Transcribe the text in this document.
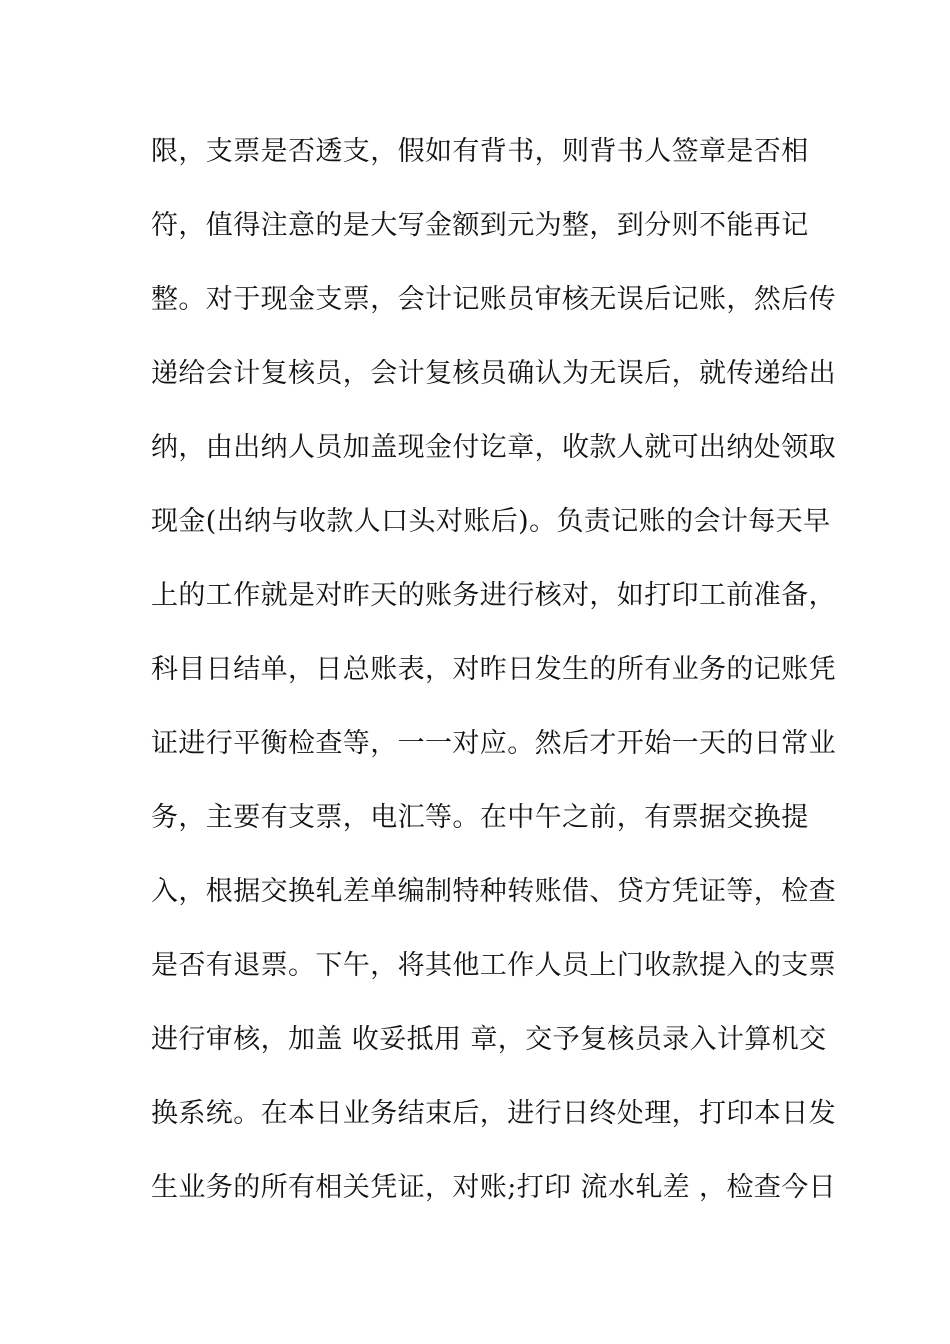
限，支票是否透支，假如有背书，则背书人签章是否相
符，值得注意的是大写金额到元为整，到分则不能再记
整。对于现金支票，会计记账员审核无误后记账，然后传
递给会计复核员，会计复核员确认为无误后，就传递给出
纳，由出纳人员加盖现金付讫章，收款人就可出纳处领取
现金(出纳与收款人口头对账后)。负责记账的会计每天早
上的工作就是对昨天的账务进行核对，如打印工前准备，
科目日结单，日总账表，对昨日发生的所有业务的记账凭
证进行平衡检查等，一一对应。然后才开始一天的日常业
务，主要有支票，电汇等。在中午之前，有票据交换提
入，根据交换轧差单编制特种转账借、贷方凭证等，检查
是否有退票。下午，将其他工作人员上门收款提入的支票
进行审核，加盖 收妥抵用 章，交予复核员录入计算机交
换系统。在本日业务结束后，进行日终处理，打印本日发
生业务的所有相关凭证，对账;打印 流水轧差 ，检查今日
